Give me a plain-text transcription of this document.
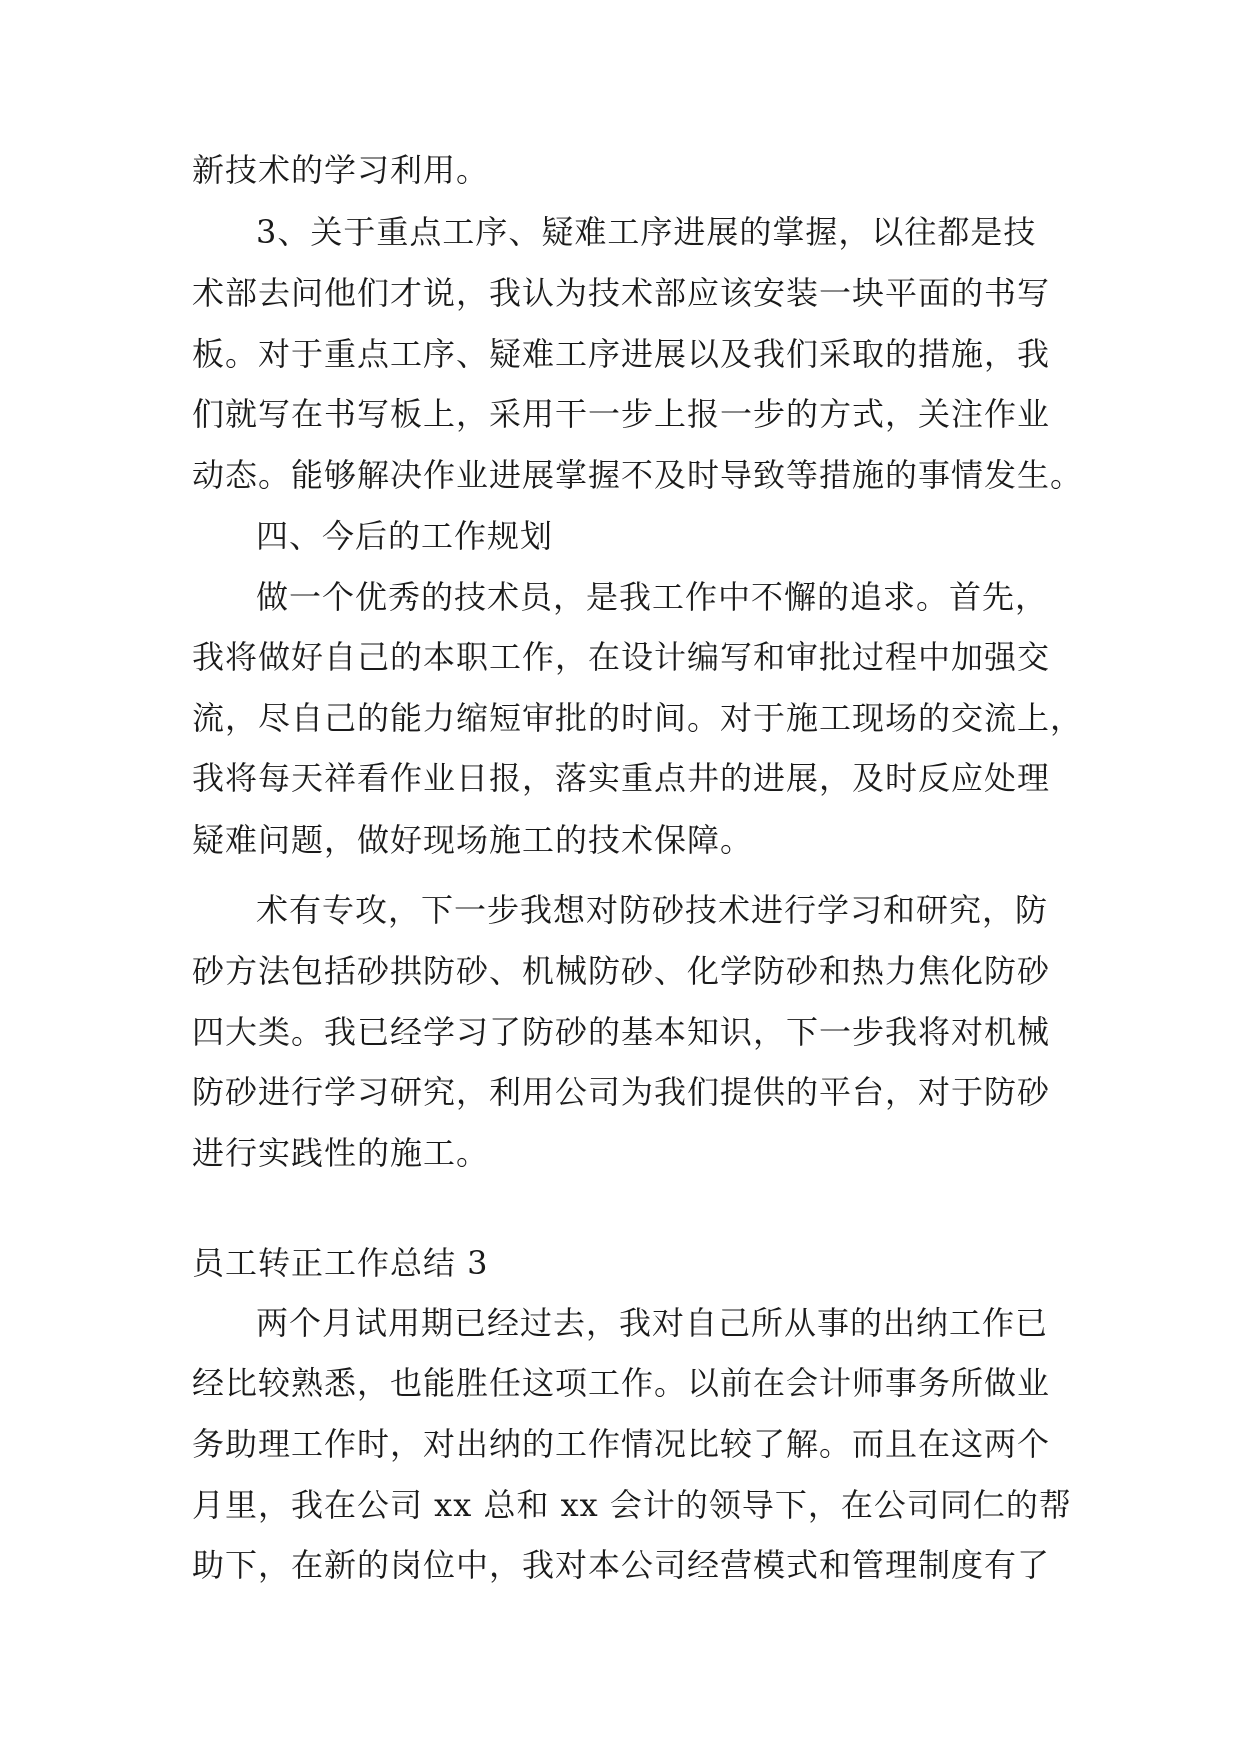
新技术的学习利用。
3、关于重点工序、疑难工序进展的掌握，以往都是技
术部去问他们才说，我认为技术部应该安装一块平面的书写
板。对于重点工序、疑难工序进展以及我们采取的措施，我
们就写在书写板上，采用干一步上报一步的方式，关注作业
动态。能够解决作业进展掌握不及时导致等措施的事情发生。
四、今后的工作规划
做一个优秀的技术员，是我工作中不懈的追求。首先，
我将做好自己的本职工作，在设计编写和审批过程中加强交
流，尽自己的能力缩短审批的时间。对于施工现场的交流上，
我将每天祥看作业日报，落实重点井的进展，及时反应处理
疑难问题，做好现场施工的技术保障。
术有专攻，下一步我想对防砂技术进行学习和研究，防
砂方法包括砂拱防砂、机械防砂、化学防砂和热力焦化防砂
四大类。我已经学习了防砂的基本知识，下一步我将对机械
防砂进行学习研究，利用公司为我们提供的平台，对于防砂
进行实践性的施工。
员工转正工作总结 3
两个月试用期已经过去，我对自己所从事的出纳工作已
经比较熟悉，也能胜任这项工作。以前在会计师事务所做业
务助理工作时，对出纳的工作情况比较了解。而且在这两个
月里，我在公司 xx 总和 xx 会计的领导下，在公司同仁的帮
助下，在新的岗位中，我对本公司经营模式和管理制度有了
